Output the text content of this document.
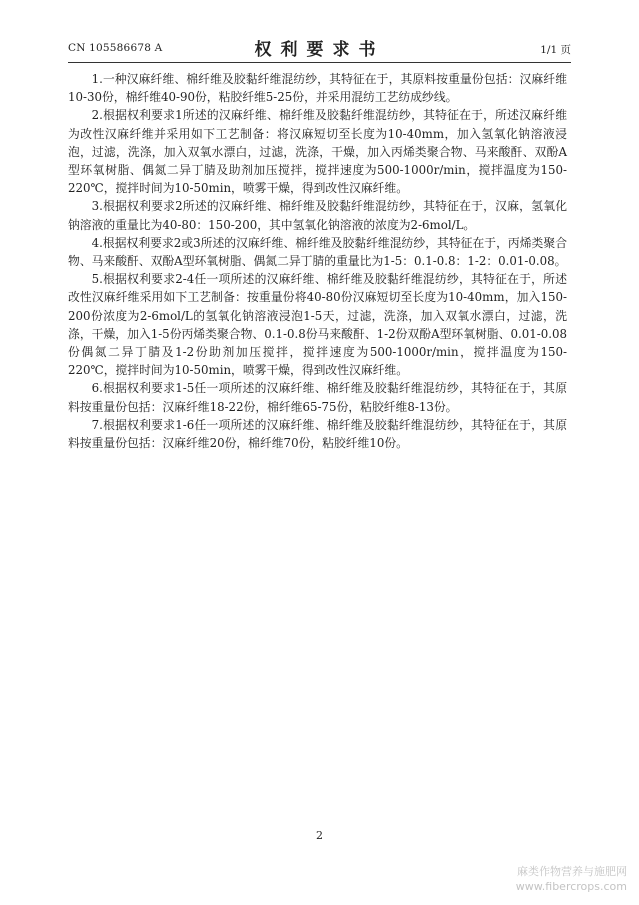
CN 105586678 A	权利要求书	1/1 页

1.一种汉麻纤维、棉纤维及胶黏纤维混纺纱，其特征在于，其原料按重量份包括：汉麻纤维10-30份，棉纤维40-90份，粘胶纤维5-25份，并采用混纺工艺纺成纱线。

2.根据权利要求1所述的汉麻纤维、棉纤维及胶黏纤维混纺纱，其特征在于，所述汉麻纤维为改性汉麻纤维并采用如下工艺制备：将汉麻短切至长度为10-40mm，加入氢氧化钠溶液浸泡，过滤，洗涤，加入双氧水漂白，过滤，洗涤，干燥，加入丙烯类聚合物、马来酸酐、双酚A型环氧树脂、偶氮二异丁腈及助剂加压搅拌，搅拌速度为500-1000r/min，搅拌温度为150-220℃，搅拌时间为10-50min，喷雾干燥，得到改性汉麻纤维。

3.根据权利要求2所述的汉麻纤维、棉纤维及胶黏纤维混纺纱，其特征在于，汉麻，氢氧化钠溶液的重量比为40-80：150-200，其中氢氧化钠溶液的浓度为2-6mol/L。

4.根据权利要求2或3所述的汉麻纤维、棉纤维及胶黏纤维混纺纱，其特征在于，丙烯类聚合物、马来酸酐、双酚A型环氧树脂、偶氮二异丁腈的重量比为1-5：0.1-0.8：1-2：0.01-0.08。

5.根据权利要求2-4任一项所述的汉麻纤维、棉纤维及胶黏纤维混纺纱，其特征在于，所述改性汉麻纤维采用如下工艺制备：按重量份将40-80份汉麻短切至长度为10-40mm，加入150-200份浓度为2-6mol/L的氢氧化钠溶液浸泡1-5天，过滤，洗涤，加入双氧水漂白，过滤，洗涤，干燥，加入1-5份丙烯类聚合物、0.1-0.8份马来酸酐、1-2份双酚A型环氧树脂、0.01-0.08份偶氮二异丁腈及1-2份助剂加压搅拌，搅拌速度为500-1000r/min，搅拌温度为150-220℃，搅拌时间为10-50min，喷雾干燥，得到改性汉麻纤维。

6.根据权利要求1-5任一项所述的汉麻纤维、棉纤维及胶黏纤维混纺纱，其特征在于，其原料按重量份包括：汉麻纤维18-22份，棉纤维65-75份，粘胶纤维8-13份。

7.根据权利要求1-6任一项所述的汉麻纤维、棉纤维及胶黏纤维混纺纱，其特征在于，其原料按重量份包括：汉麻纤维20份，棉纤维70份，粘胶纤维10份。

2
麻类作物营养与施肥网
www.fibercrops.com
